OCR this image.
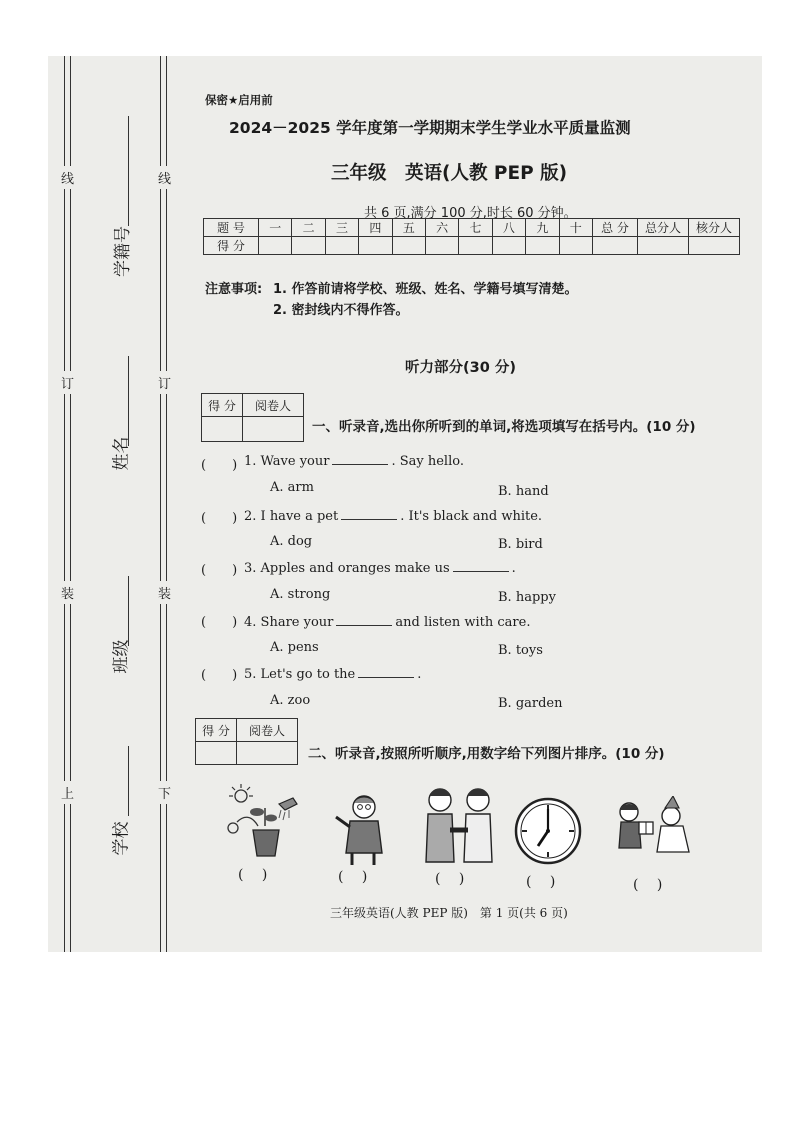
线
订
装
上
线
订
装
下
学籍号
姓名
班级
学校
保密★启用前
2024－2025 学年度第一学期期末学生学业水平质量监测
三年级　英语(人教 PEP 版)
共 6 页,满分 100 分,时长 60 分钟。
题 号	一	二	三	四	五	六	七	八	九	十	总 分	总分人	核分人
得 分													
注意事项: 1. 作答前请将学校、班级、姓名、学籍号填写清楚。
2. 密封线内不得作答。
听力部分(30 分)
得 分	阅卷人

一、听录音,选出你所听到的单词,将选项填写在括号内。(10 分)
(　　) 1. Wave your	. Say hello.
A. arm	B. hand
(　　) 2. I have a pet	. It's black and white.
A. dog	B. bird
(　　) 3. Apples and oranges make us	.
A. strong	B. happy
(　　) 4. Share your	and listen with care.
A. pens	B. toys
(　　) 5. Let's go to the	.
A. zoo	B. garden
得 分	阅卷人

二、听录音,按照所听顺序,用数字给下列图片排序。(10 分)
(　 )	(　 )	(　 )	(　 )	(　 )
三年级英语(人教 PEP 版)　第 1 页(共 6 页)
